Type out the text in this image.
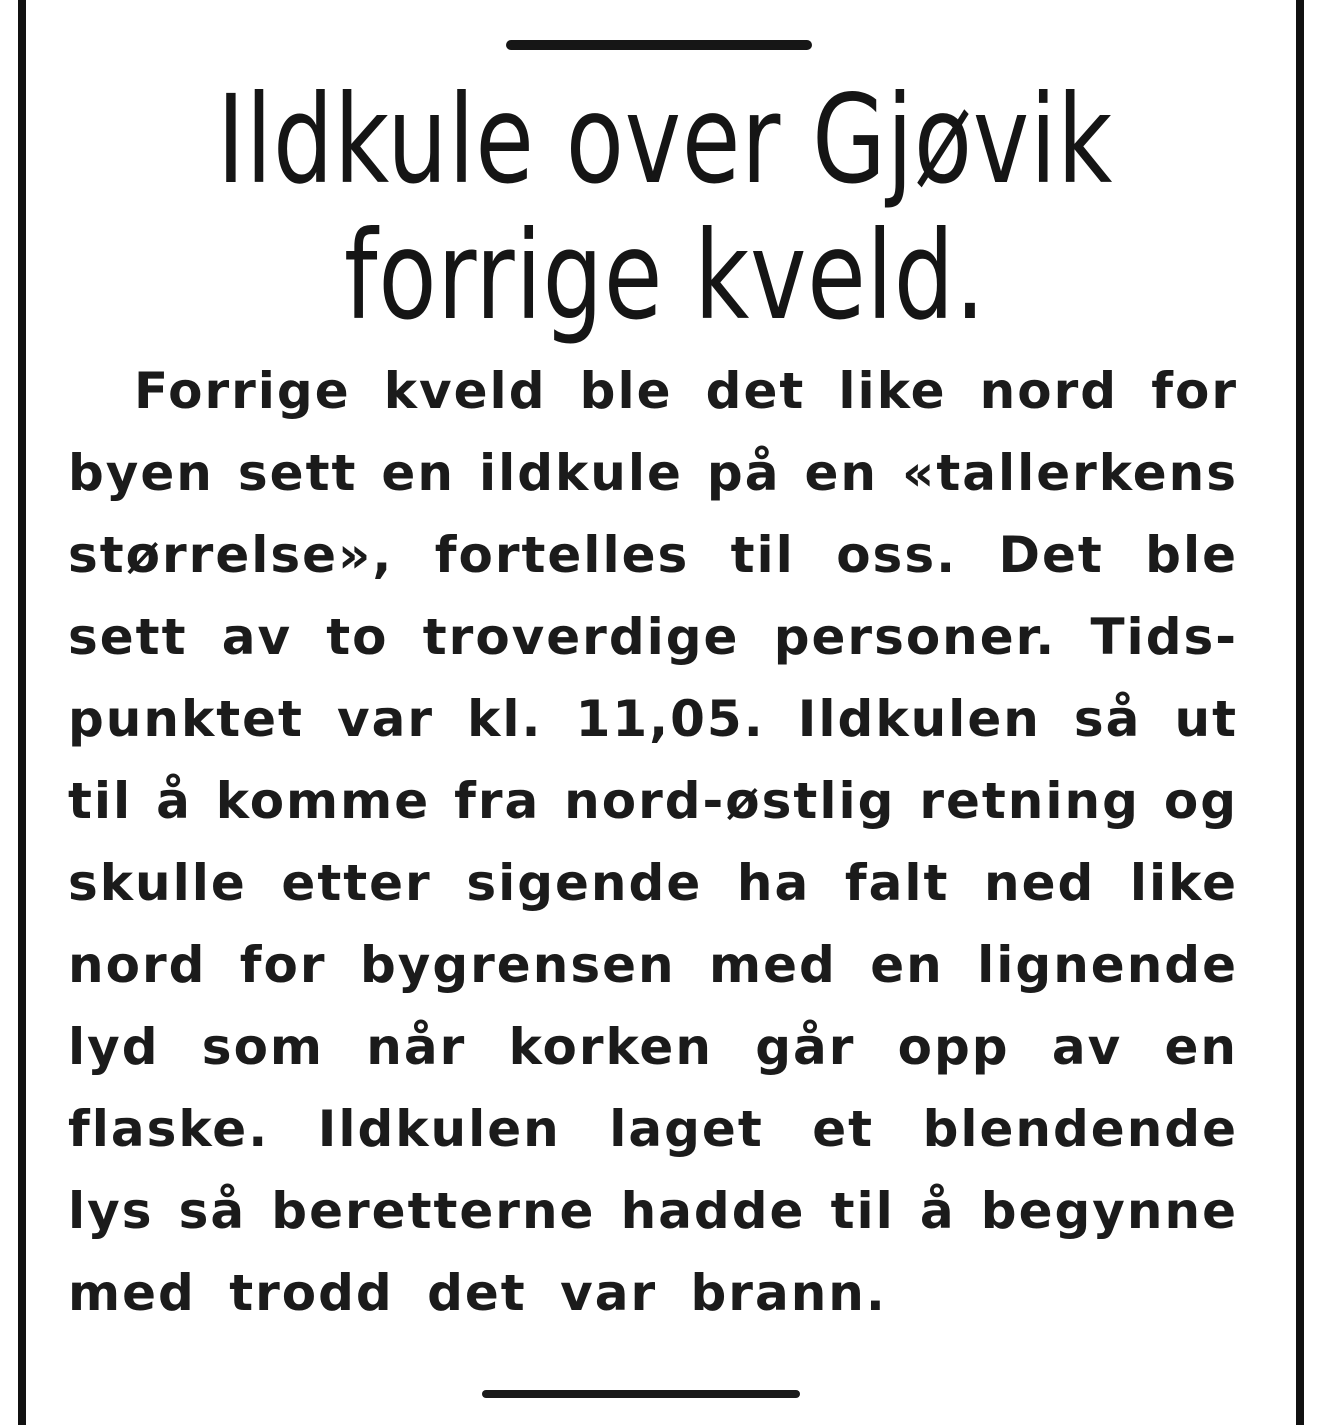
Ildkule over Gjøvik
forrige kveld.
Forrige kveld ble det like nord for
byen sett en ildkule på en «tallerkens
størrelse», fortelles til oss. Det ble
sett av to troverdige personer. Tids-
punktet var kl. 11,05. Ildkulen så ut
til å komme fra nord-østlig retning og
skulle etter sigende ha falt ned like
nord for bygrensen med en lignende
lyd som når korken går opp av en
flaske. Ildkulen laget et blendende
lys så beretterne hadde til å begynne
med trodd det var brann.
